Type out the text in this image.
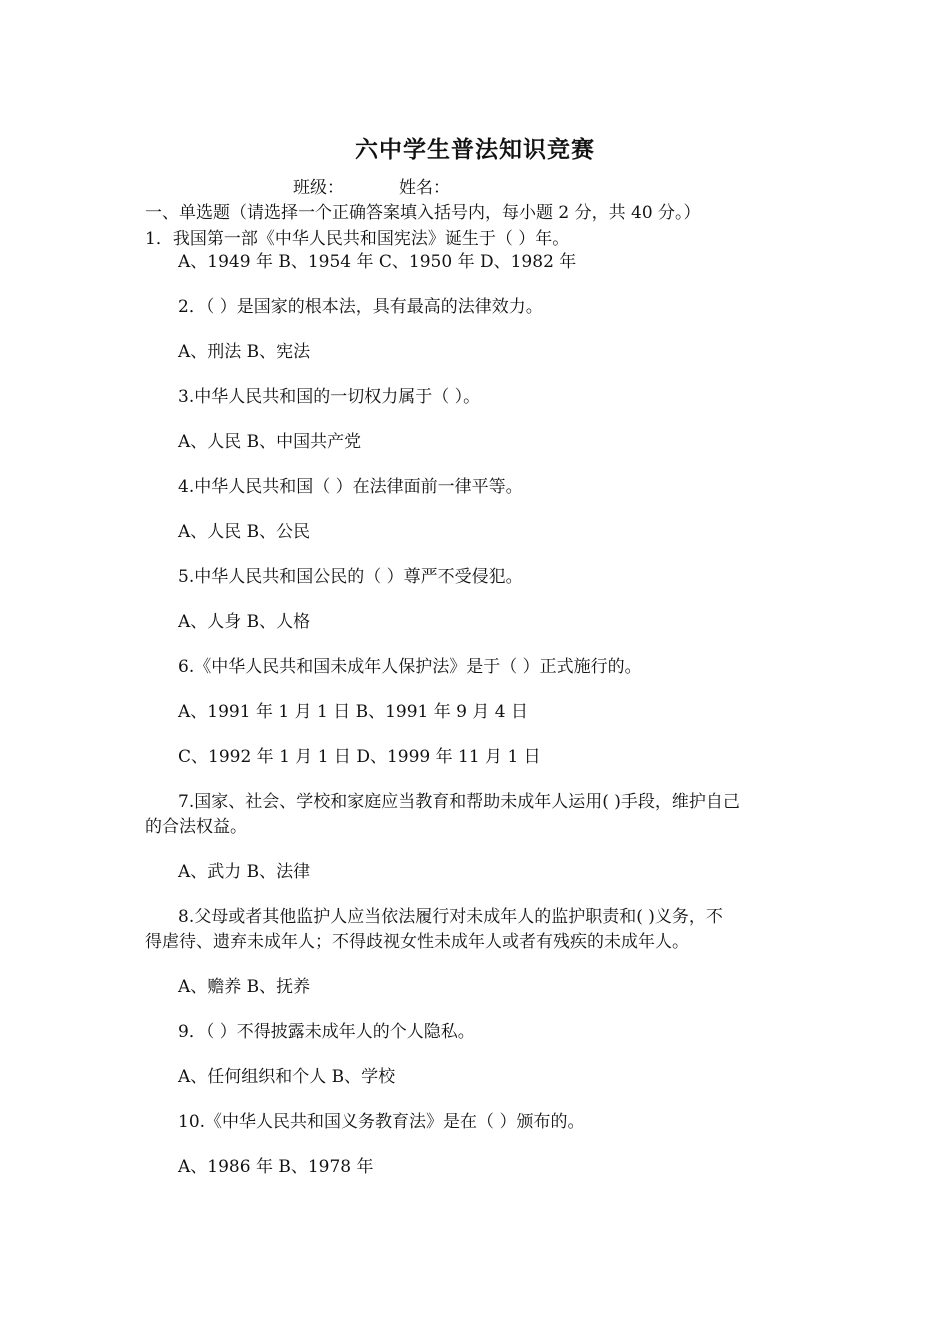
六中学生普法知识竞赛
班级：	姓名：
一、单选题（请选择一个正确答案填入括号内，每小题 2 分，共 40 分。）
1．我国第一部《中华人民共和国宪法》诞生于（ ）年。
A、1949 年 B、1954 年 C、1950 年 D、1982 年
2．（ ）是国家的根本法，具有最高的法律效力。
A、刑法 B、宪法
3.中华人民共和国的一切权力属于（ ）。
A、人民 B、中国共产党
4.中华人民共和国（ ）在法律面前一律平等。
A、人民 B、公民
5.中华人民共和国公民的（ ）尊严不受侵犯。
A、人身 B、人格
6.《中华人民共和国未成年人保护法》是于（ ）正式施行的。
A、1991 年 1 月 1 日 B、1991 年 9 月 4 日
C、1992 年 1 月 1 日 D、1999 年 11 月 1 日
7.国家、社会、学校和家庭应当教育和帮助未成年人运用( )手段，维护自己
的合法权益。
A、武力 B、法律
8.父母或者其他监护人应当依法履行对未成年人的监护职责和( )义务，不
得虐待、遗弃未成年人；不得歧视女性未成年人或者有残疾的未成年人。
A、赡养 B、抚养
9．（ ）不得披露未成年人的个人隐私。
A、任何组织和个人 B、学校
10.《中华人民共和国义务教育法》是在（ ）颁布的。
A、1986 年 B、1978 年
